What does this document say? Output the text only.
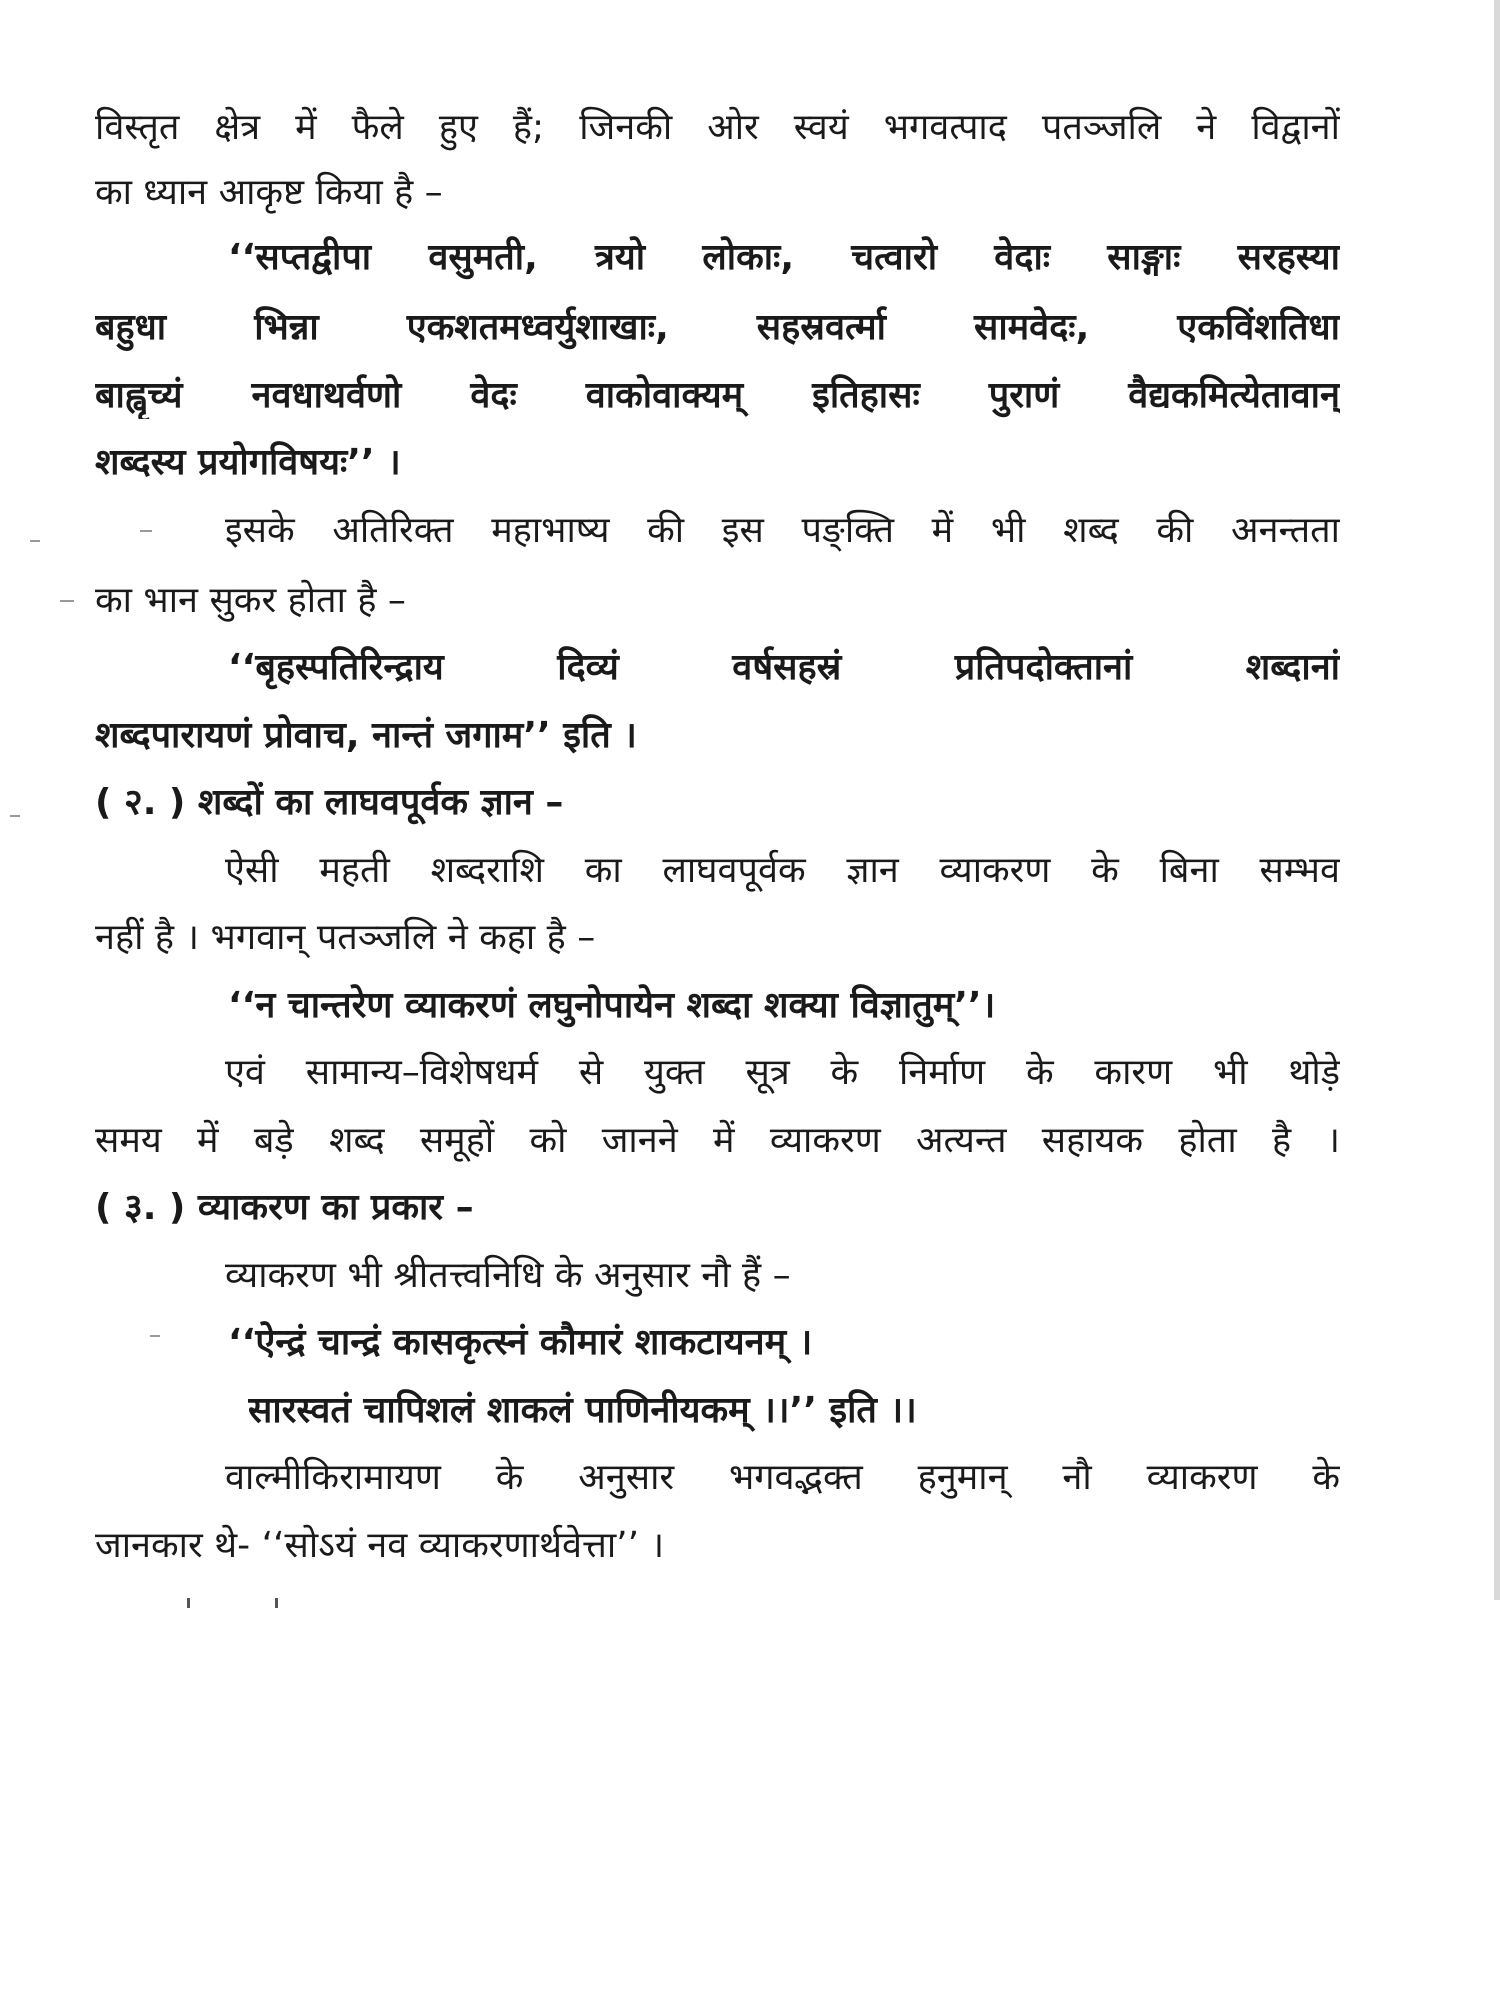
विस्तृत क्षेत्र में फैले हुए हैं; जिनकी ओर स्वयं भगवत्पाद पतञ्जलि ने विद्वानों
का ध्यान आकृष्ट किया है –
‘‘सप्तद्वीपा वसुमती, त्रयो लोकाः, चत्वारो वेदाः साङ्गाः सरहस्या
बहुधा भिन्ना एकशतमध्वर्युशाखाः, सहस्रवर्त्मा सामवेदः, एकविंशतिधा
बाह्वृच्यं नवधाथर्वणो वेदः वाकोवाक्यम् इतिहासः पुराणं वैद्यकमित्येतावान्
शब्दस्य प्रयोगविषयः’’ ।
इसके अतिरिक्त महाभाष्य की इस पङ्क्ति में भी शब्द की अनन्तता
का भान सुकर होता है –
‘‘बृहस्पतिरिन्द्राय दिव्यं वर्षसहस्रं प्रतिपदोक्तानां शब्दानां
शब्दपारायणं प्रोवाच, नान्तं जगाम’’ इति ।
( २. ) शब्दों का लाघवपूर्वक ज्ञान –
ऐसी महती शब्दराशि का लाघवपूर्वक ज्ञान व्याकरण के बिना सम्भव
नहीं है । भगवान् पतञ्जलि ने कहा है –
‘‘न चान्तरेण व्याकरणं लघुनोपायेन शब्दा शक्या विज्ञातुम्’’।
एवं सामान्य–विशेषधर्म से युक्त सूत्र के निर्माण के कारण भी थोड़े
समय में बड़े शब्द समूहों को जानने में व्याकरण अत्यन्त सहायक होता है ।
( ३. ) व्याकरण का प्रकार –
व्याकरण भी श्रीतत्त्वनिधि के अनुसार नौ हैं –
‘‘ऐन्द्रं चान्द्रं कासकृत्स्नं कौमारं शाकटायनम् ।
सारस्वतं चापिशलं शाकलं पाणिनीयकम् ।।’’ इति ।।
वाल्मीकिरामायण के अनुसार भगवद्भक्त हनुमान् नौ व्याकरण के
जानकार थे- ‘‘सोऽयं नव व्याकरणार्थवेत्ता’’ ।
